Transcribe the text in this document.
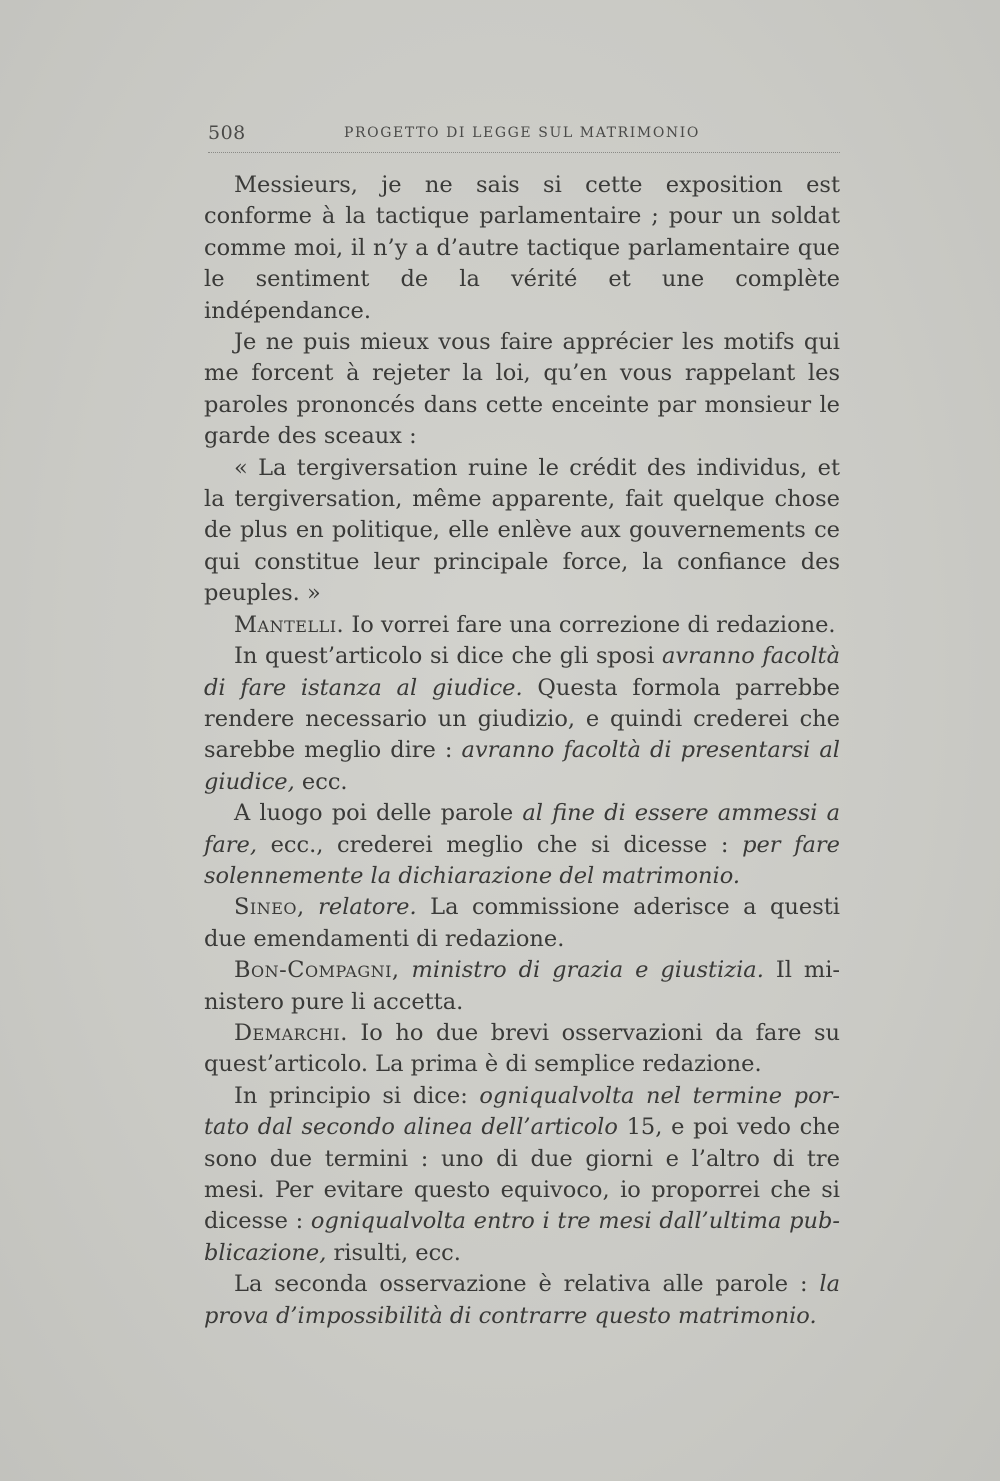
508	PROGETTO DI LEGGE SUL MATRIMONIO

Messieurs, je ne sais si cette exposition est conforme à la tactique parlamentaire ; pour un soldat comme moi, il n’y a d’autre tactique parlamentaire que le sentiment de la vérité et une complète indépendance.

Je ne puis mieux vous faire apprécier les motifs qui me forcent à rejeter la loi, qu’en vous rappelant les paroles prononcés dans cette enceinte par monsieur le garde des sceaux :

« La tergiversation ruine le crédit des individus, et la tergiversation, même apparente, fait quelque chose de plus en politique, elle enlève aux gouvernements ce qui constitue leur principale force, la confiance des peuples. »

Mantelli. Io vorrei fare una correzione di redazione.

In quest’articolo si dice che gli sposi avranno facoltà di fare istanza al giudice. Questa formola parrebbe rendere necessario un giudizio, e quindi crederei che sarebbe meglio dire : avranno facoltà di presentarsi al giudice, ecc.

A luogo poi delle parole al fine di essere ammessi a fare, ecc., crederei meglio che si dicesse : per fare solennemente la dichiarazione del matrimonio.

Sineo, relatore. La commissione aderisce a questi due emendamenti di redazione.

Bon-Compagni, ministro di grazia e giustizia. Il ministero pure li accetta.

Demarchi. Io ho due brevi osservazioni da fare su quest’articolo. La prima è di semplice redazione.

In principio si dice: ogniqualvolta nel termine portato dal secondo alinea dell’articolo 15, e poi vedo che sono due termini : uno di due giorni e l’altro di tre mesi. Per evitare questo equivoco, io proporrei che si dicesse : ogniqualvolta entro i tre mesi dall’ultima pubblicazione, risulti, ecc.

La seconda osservazione è relativa alle parole : la prova d’impossibilità di contrarre questo matrimonio.
